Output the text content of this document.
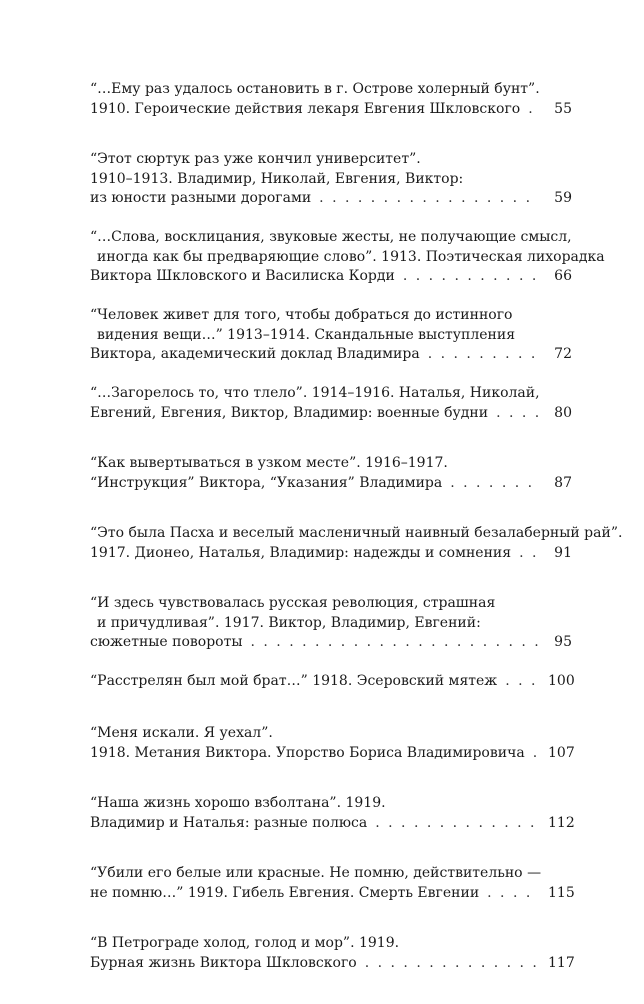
“…Ему раз удалось остановить в г. Острове холерный бунт”.
1910. Героические действия лекаря Евгения Шкловского . . .	55
“Этот сюртук раз уже кончил университет”.
1910–1913. Владимир, Николай, Евгения, Виктор:
из юности разными дорогами . . .	59
“…Слова, восклицания, звуковые жесты, не получающие смысл,
иногда как бы предваряющие слово”. 1913. Поэтическая лихорадка
Виктора Шкловского и Василиска Корди . . .	66
“Человек живет для того, чтобы добраться до истинного
видения вещи…” 1913–1914. Скандальные выступления
Виктора, академический доклад Владимира . . .	72
“…Загорелось то, что тлело”. 1914–1916. Наталья, Николай,
Евгений, Евгения, Виктор, Владимир: военные будни . . .	80
“Как вывертываться в узком месте”. 1916–1917.
“Инструкция” Виктора, “Указания” Владимира . . .	87
“Это была Пасха и веселый масленичный наивный безалаберный рай”.
1917. Дионео, Наталья, Владимир: надежды и сомнения . . .	91
“И здесь чувствовалась русская революция, страшная
и причудливая”. 1917. Виктор, Владимир, Евгений:
сюжетные повороты . . .	95
“Расстрелян был мой брат…” 1918. Эсеровский мятеж . . .	100
“Меня искали. Я уехал”.
1918. Метания Виктора. Упорство Бориса Владимировича . . . 107
“Наша жизнь хорошо взболтана”. 1919.
Владимир и Наталья: разные полюса . . .	112
“Убили его белые или красные. Не помню, действительно —
не помню…” 1919. Гибель Евгения. Смерть Евгении . . .	115
“В Петрограде холод, голод и мор”. 1919.
Бурная жизнь Виктора Шкловского . . .	117
